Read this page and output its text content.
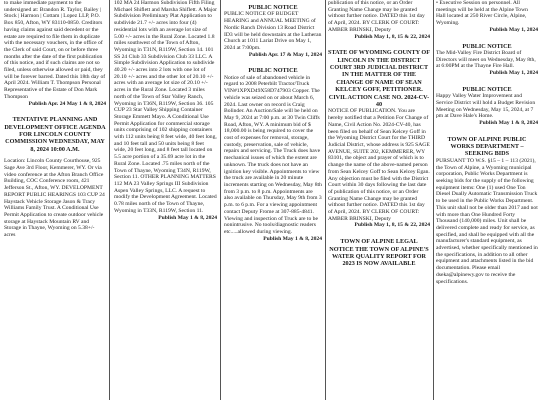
to make immediate payment to the undersigned at: Brandon R. Taylor, Bailey | Stock | Harmon | Cottam | Lopez LLP, P.O. Box 850, Afton, WY 83110-0850. Creditors having claims against said decedent or the estate are required to file them in duplicate with the necessary vouchers, in the office of the Clerk of said Court, on or before three months after the date of the first publication of this notice, and if such claims are not so filed, unless otherwise allowed or paid, they will be forever barred. Dated this 18th day of April 2024. William T. Thompson Personal Representative of the Estate of Don Mark Thompson

Publish Apr. 24 May 1 & 8, 2024

TENTATIVE PLANNING AND DEVELOPMENT OFFICE AGENDA FOR LINCOLN COUNTY COMMISSION WEDNESDAY, MAY 8, 2024 10:00 A.M.

Location: Lincoln County Courthouse, 925 Sage Ave 3rd Floor, Kemmerer, WY. Or via video conference at the Afton Branch Office Building, COC Conference room, 421 Jefferson St., Afton, WY. DEVELOPMENT REPORT PUBLIC HEARINGS 103 CUP 24 Haystack Vehicle Storage Jason & Tracy Williams Family Trust. A Conditional Use Permit Application to create outdoor vehicle storage at Haystack Mountain RV and Storage in Thayne, Wyoming on 5.38+/- acres

102 MA 24 Harmon Subdivision Fifth Filing Michael Shiflett and Marsha Shiflett. A Major Subdivision Preliminary Plat Application to subdivide 21.7 +/- acres into four (4) residential lots with an average lot size of 5.00 +/- acres in the Rural Zone. Located 1.8 miles southwest of the Town of Afton, Wyoming in T31N, R119W, Section 14. 101 SS 24 Club 33 Subdivision Club 33 LLC. A Simple Subdivision Application to subdivide 40.20 +/- acres into 2 lots with one lot of 20.10 +/- acres and the other lot of 20.10 +/- acres with an average lot size of 20.10 +/- acres in the Rural Zone. Located 3 miles north of the Town of Star Valley Ranch, Wyoming in T36N, R119W, Section 36. 105 CUP 23 Star Valley Shipping Container Storage Emmett Mayo. A Conditional Use Permit Application for commercial storage units comprising of 102 shipping containers with 112 units being 8 feet wide, 40 feet long, and 10 feet tall and 50 units being 8 feet wide, 20 feet long, and 8 feet tall located on 5.5 acre portion of a 35.69 acre lot in the Rural Zone. Located .75 miles north of the Town of Thayne, Wyoming T34N, R119W, Section 11. OTHER PLANNING MATTERS 112 MA 23 Valley Springs III Subdivision Aspen Valley Springs, LLC. A request to modify the Development Agreement. Located 0.78 miles north of the Town of Thayne, Wyoming in T33N, R119W, Section 11.

Publish May 1 & 8, 2024

PUBLIC NOTICE

PUBLIC NOTICE OF BUDGET HEARING and ANNUAL MEETING of Nordic Ranch Division 13 Road District ID3 will be held downstairs at the Lutheran Church at 1011 Lariat Drive on May 1, 2024 at 7:00pm.

Publish Apr. 17 & May 1, 2024

PUBLIC NOTICE

Notice of sale of abandoned vehicle in regard to 2008 Peterbilt Tractor/Truck VIN#1XPXD49X58D747903 Copper. The vehicle was seized on or about March 6, 2024. Last owner on record is Craig Bolinder. An Auction/Sale will be held on May 9, 2024 at 7:00 p.m. at 30 Twin Cliffs Road, Afton, WY. A minimum bid of $ 18,000.00 is being required to cover the cost of expenses for removal, storage, custody, preservation, sale of vehicle, repairs and servicing. The Truck does have mechanical issues of which the extent are unknown. The truck does not have an ignition key visible. Appointments to view the truck are available in 20 minute increments starting on Wednesday, May 8th from 3 p.m. to 8 p.m. Appointments are also available on Thursday, May 9th from 3 p.m. to 6 p.m. For a viewing appointment contact Deputy Frome at 307-885-4841. Viewing and inspection of Truck are to be nonintrusive. No tools/diagnostic readers etc.....allowed during viewing.

Publish May 1 & 8, 2024

publication of this notice, or an Order Granting Name Change may be granted without further notice. DATED this 1st day of April, 2024. BY CLERK OF COURT: AMBER BRINSKI, Deputy

Publish May 1, 8, 15 & 22, 2024

STATE OF WYOMING COUNTY OF LINCOLN IN THE DISTRICT COURT 3RD JUDICIAL DISTRICT IN THE MATTER OF THE CHANGE OF NAME OF SEAN KELCEY GOFF, PETITIONER. CIVIL ACTION CASE NO. 2024-CV-40

NOTICE OF PUBLICATION. You are hereby notified that a Petition For Change of Name, Civil Action No. 2024-CV-40, has been filed on behalf of Sean Kelcey Goff in the Wyoming District Court for the THIRD Judicial District, whose address is 925 SAGE AVENUE, SUITE 202, KEMMERER, WY 83101, the object and prayer of which is to change the name of the above-named person from Sean Kelcey Goff to Sean Kelcey Egan. Any objection must be filed with the District Court within 30 days following the last date of publication of this notice, or an Order Granting Name Change may be granted without further notice. DATED this 1st day of April, 2024. BY CLERK OF COURT: AMBER BRINSKI, Deputy

Publish May 1, 8, 15 & 22, 2024

TOWN OF ALPINE LEGAL NOTICE THE TOWN OF ALPINE'S WATER QUALITY REPORT FOR 2023 IS NOW AVAILABLE

• Executive Session on personnel. All meetings will be held at the Alpine Town Hall located at 250 River Circle, Alpine, Wyoming.

Publish May 1, 2024

PUBLIC NOTICE

The Mid-Valley Fire District Board of Directors will meet on Wednesday, May 8th, at 6:00PM at the Thayne Fire Hall.

Publish May 1, 2024

PUBLIC NOTICE

Happy Valley Water Improvement and Service District will hold a Budget Revision Meeting on Wednesday, May 15, 2024, at 7 pm at Dave Hale's Home.

Publish May 1 & 8, 2024

TOWN OF ALPINE PUBLIC WORKS DEPARTMENT – SEEKING BIDS

PURSUANT TO W.S. §15 – 1 – 113 (2021), the Town of Alpine, a Wyoming municipal corporation, Public Works Department is seeking bids for the supply of the following equipment items: One (1) used One Ton Diesel Dually Automatic Transmission Truck to be used in the Public Works Department. This unit shall not be older than 2017 and not with more than One Hundred Forty Thousand (140,000) miles. Unit shall be delivered complete and ready for service, as specified, and shall be equipped with all the manufacturer's standard equipment, as advertised, whether specifically mentioned in the specifications, in addition to all other equipment and attachments listed in the bid documentation. Please email dseka@alpinewy.gov to receive the specifications.
